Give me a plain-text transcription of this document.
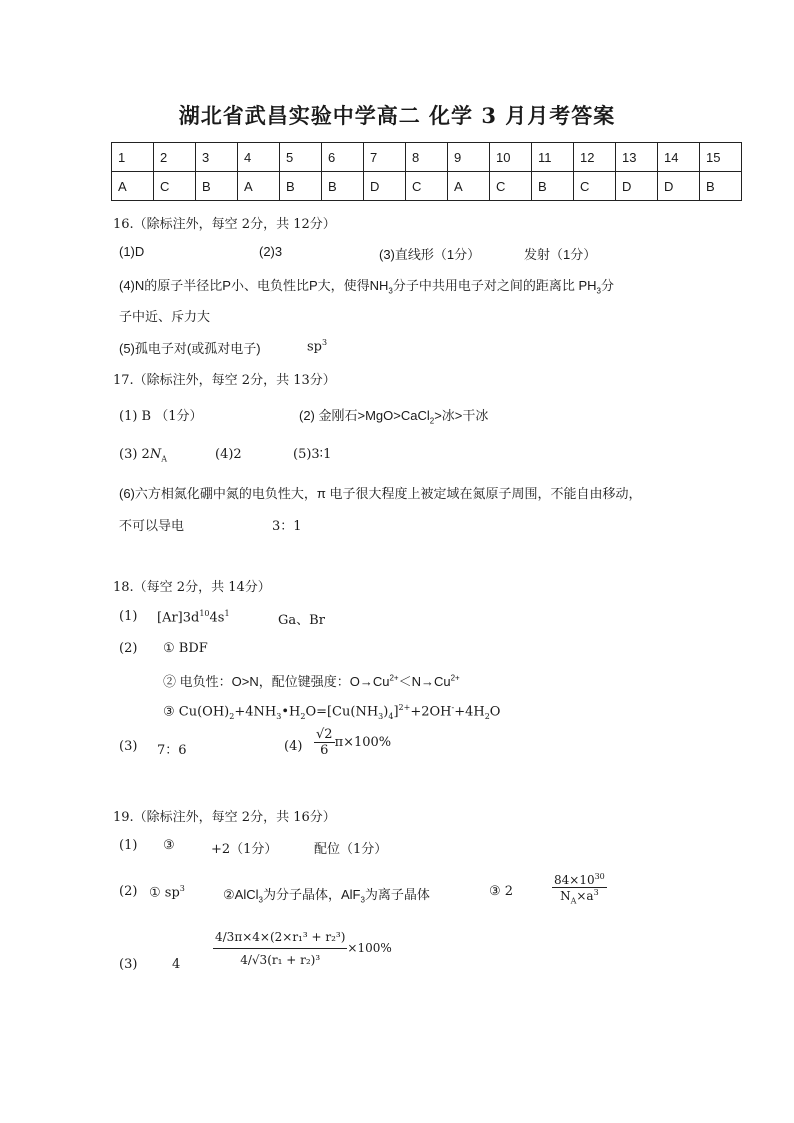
湖北省武昌实验中学高二 化学 3 月月考答案
1	2	3	4	5	6	7	8	9	10	11	12	13	14	15
A	C	B	A	B	B	D	C	A	C	B	C	D	D	B
16.（除标注外，每空 2分，共 12分）
(1)D	(2)3	(3)直线形（1分）	发射（1分）
(4)N的原子半径比P小、电负性比P大，使得$NH_3$分子中共用电子对之间的距离比 $PH_3$分
子中近、斥力大
(5)孤电子对(或孤对电子)	$sp^3$
17.（除标注外，每空 2分，共 13分）
(1) B （1分）	(2) 金刚石>MgO>CaCl$_2$>冰>干冰
(3) $2N_A$	(4)2	(5)3∶1
(6)六方相氮化硼中氮的电负性大，π 电子很大程度上被定域在氮原子周围，不能自由移动，
不可以导电	3：1
18.（每空 2分，共 14分）
(1) $[Ar]3d^{10}4s^1$	Ga、Br
(2) ① BDF
② 电负性：O>N，配位键强度：$O\to Cu^{2+}<N\to Cu^{2+}$
③ $Cu(OH)_2+4NH_3•H_2O=[Cu(NH_3)_4]^{2+}+2OH^-+4H_2O$
(3) 7：6	$(4) \frac{√2}{6} \pi\times 100\%$
19.（除标注外，每空 2分，共 16分）
(1) ③	+2（1分）	配位（1分）
(2) ① $sp^3$	②AlCl$_3$为分子晶体，AlF$_3$为离子晶体	③ 2	$\frac{84\times 10^{30}}{N_A\times a^3}$
(3)	4	$\frac{\text{4/3π×4×(2×r₁³ + r₂³)}}{\text{4/√3(r₁ + r₂)³}} \times 100\%$
